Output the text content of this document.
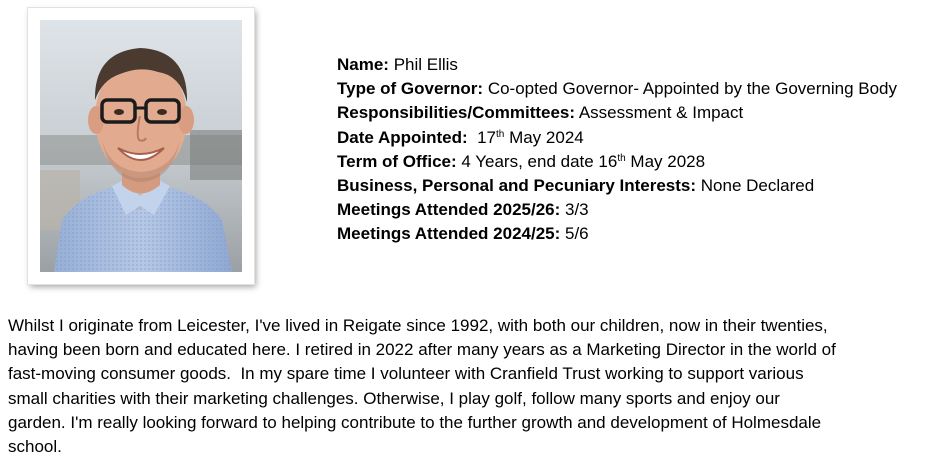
Name: Phil Ellis
Type of Governor: Co-opted Governor- Appointed by the Governing Body
Responsibilities/Committees: Assessment & Impact
Date Appointed:  17th May 2024
Term of Office: 4 Years, end date 16th May 2028
Business, Personal and Pecuniary Interests: None Declared
Meetings Attended 2025/26: 3/3
Meetings Attended 2024/25: 5/6
Whilst I originate from Leicester, I've lived in Reigate since 1992, with both our children, now in their twenties,
having been born and educated here. I retired in 2022 after many years as a Marketing Director in the world of
fast-moving consumer goods.  In my spare time I volunteer with Cranfield Trust working to support various
small charities with their marketing challenges. Otherwise, I play golf, follow many sports and enjoy our
garden. I'm really looking forward to helping contribute to the further growth and development of Holmesdale
school.
